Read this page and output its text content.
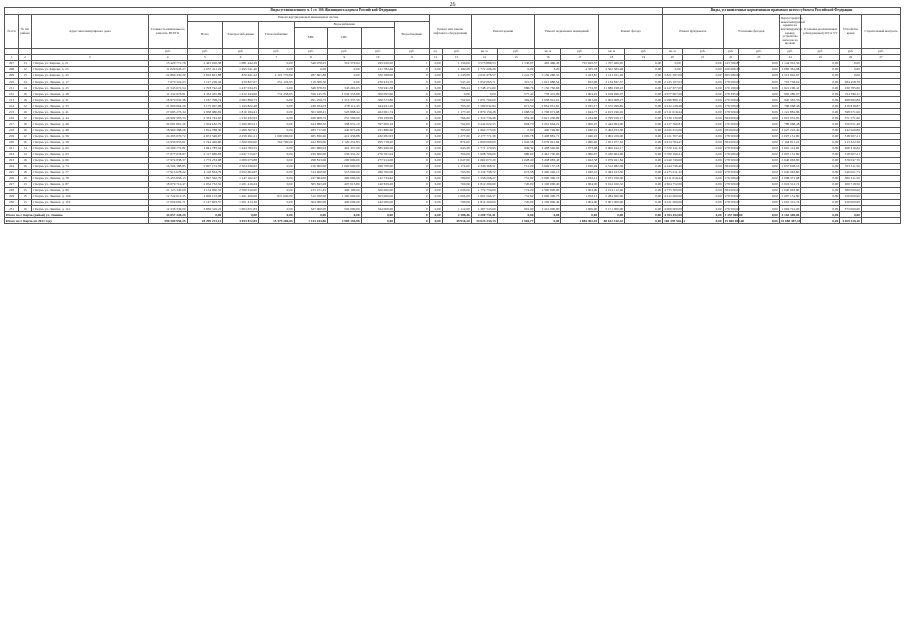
26
Виды установленного ч. 1 ст. 166 Жилищного кодекса Российской Федерации																			Виды, установленные нормативным правовым актом субъекта Российской Федерации							
№ п/п	№ п/п района	Адрес многоквартирного дома	Стоимость капитального ремонта, ВСЕГО	Ремонт внутридомовых инженерных систем							Ремонт или замена лифтового оборудования		Ремонт крыши		Ремонт подвальных помещений		Ремонт фасада		Ремонт фундамента		Утепление фасадов		Переустройство невентилируемой крыши на вентилируемую крышу, устройство выходов на кровлю	Установка коллективных (общедомовых) ПУ и УУ	Устройство крыш	Строительный контроль
				Всего	Электроснаб-жение	Теплоснабжение	Водоснабжение			Водоотведение																
							ХВС	ГВС																		
			руб.	руб.	руб.	руб.	руб.	руб.	руб.	руб.	ед.	руб.	кв. м	руб.	кв. м	руб.	кв. м	руб.	кв. м	руб.	руб.	руб.	руб.	руб.	руб.	руб.
1	2	3	4	5	6	7	8	9	10	11	12	13	14	15	16	17	18	19	20	21	22	23	24	25	26	27
207	13	г Керчь ул. Кирова, д. 21	15 429 771,78	2 445 020,38	1 081 442,29	0,00	348 978,25	319 579,64	295 020,20	1	0,00	1 150,00	3 573 889,53	1 130,07	465 466,43	725 045,37	1 707 460,95	0,00	0,00	0,00	143 760,87	0,00	1 144 301,56	0,00	0,00	
208	12	г Керчь ул. Кирова, д. 23	11 029 943,27	2 057 411,24	1 495 541,40	0,00	0,00	0,00	151 782,46	0	0,00	1 182,08	1 772 206,29	0,00	3,20	4 355,78	4 502 383,48	0,00	0,00	0,00	100 606,33	0,00	1 085 361,98	0,00	0,00	
209	13	г Керчь ул. Кирова, д. 43	22 866 330,20	3 816 601,88	876 641,22	2 101 770,80	287 601,86	0,00	550 588,00	0	0,00	1 243,00	2 632 478,57	1 241,79	5 130 266,31	2 423,81	1 121 911,26	0,00	3 821 397,00	0,00	285 580,98	0,00	2 513 902,97	0,00	0,00	
210	14	г Керчь ул. Ленина, д. 17	7 670 319,23	1 127 226,42	479 827,07	251 124,65	119 506,50	0,00	276 434,70	0	0,00	547,20	1 652 065,71	321,51	1 013 680,54	652,96	2 134 847,57	0,00	2 125 107,03	0,00	178 500,00	0,00	701 756,62	0,00	284 458,76	
211	14	г Керчь ул. Ленина, д. 25	21 543 672,54	2 793 742,43	1 437 034,35	0,00	349 678,55	345 291,65	376 941,58	0	0,00	766,24	1 748 172,60	986,76	7 156 750,66	1 774,70	11 086 198,23	0,00	4 147 677,00	0,00	179 100,00	0,00	1 021 190,41	0,00	230 785,60	
212	16	г Керчь ул. Ленина, д. 28	11 232 676,91	4 334 435,89	1 612 444,66	731 258,05	356 145,70	1 034 553,68	300 095,60	0	0,00	0,00	0,00	577,42	778 472,09	1 004,22	3 108 496,07	0,00	4 077 607,26	0,00	178 395,00	0,00	695 280,07	0,00	724 786,11	
213	16	г Керчь ул. Ленина, д. 31	18 970 932,38	1 167 798,74	2 063 890,73	0,00	291 256,73	1 313 337,50	500 573,80	0	0,00	762,00	1 651 704,00	384,00	2 058 041,01	2 061,40	2 004 008,27	0,00	4 296 880,15	0,00	176 500,00	0,00	920 381,36	0,00	498 682,89	
214	12	г Керчь ул. Ленина, д. 33	21 900 904,29	3 175 007,06	1 163 822,48	0,00	249 034,03	278 111,45	344 931,26	0	0,00	763,20	1 560 032,84	671,50	2 854 051,81	2 035,17	2 572 299,84	0,00	4 222 128,48	0,00	176 500,00	0,00	786 068,48	0,00	410 818,87	
215	16	г Керчь ул. Ленина, д. 41	27 693 275,34	4 958 480,82	1 810 184,41	0,00	301 928,41	523 868,44	402 001,74	0	0,00	1 177,20	1 879 150,28	1 068,50	2 700 071,98	1 044,77	4 013 196,45	0,00	4 511 619,44	0,00	178 500,00	0,00	1 121 881,86	0,00	398 571,06	
216	12	г Керчь ул. Ленина, д. 44	24 992 503,53	2 334 743,65	1 232 632,63	0,00	440 608,75	251 500,00	259 199,09	0	0,00	764,60	1 314 736,46	954,40	3 621 236,69	2 234,66	3 799 916,17	0,00	5 239 130,69	0,00	584 000,00	0,00	1 021 031,95	0,00	371 571,60	
217	16	г Керчь ул. Ленина, д. 46	20 081 801,20	1 504 182,79	1 290 663,21	0,00	424 988,30	398 631,10	397 000,18	0	0,00	762,00	2 244 022,55	804,70	3 201 664,22	1 060,07	2 444 004,00	0,00	4 127 590,81	0,00	176 500,00	0,00	786 068,48	0,00	350 051,48	
218	16	г Керчь ул. Ленина, д. 48	18 960 388,26	1 814 788,39	1 099 367,61	0,00	283 717,00	440 973,08	251 880,60	0	0,00	763,00	1 664 773,00	0,00	200 749,80	1 040,10	2 464 223,30	0,00	4 025 615,00	0,00	584 000,00	0,00	1 027 222,40	0,00	242 560,86	
219	12	г Керчь ул. Ленина, д. 56	24 295 070,72	4 953 546,07	2 256 491,21	1 000 000,00	465 830,40	412 436,88	432 082,93	0	0,00	1 277,00	2 177 771,30	1 005,78	3 408 881,71	1 040,10	3 004 109,00	0,00	4 121 707,40	0,00	178 500,00	0,00	1 007 151,80	0,00	318 567,21	
220	16	г Керчь ул. Ленина, д. 59	14 930 955,61	5 744 448,80	1 300 000,00	762 700,00	422 859,00	2 120 231,83	295 718,20	0	0,00	874,00	1 800 000,00	1 042,58	3 079 921,84	1 060,40	1 051 077,16	0,00	4 914 784,47	0,00	584 000,00	0,00	1 164 811,21	0,00	213 322,30	
221	14	г Керчь ул. Ленина, д. 62	19 299 772,81	3 841 783,04	1 444 783,55	0,00	261 680,94	401 337,00	385 290,20	0	0,00	943,26	1 771 170,95	949,34	2 408 540,82	1 073,68	3 000 222,17	0,00	7 570 141,32	0,00	178 500,00	0,00	1 061 112,82	0,00	408 310,64	
222	14	г Керчь ул. Ленина, д. 63	17 677 078,87	2 117 669,83	1 047 713,07	0,00	250 600,00	536 331,22	270 761,04	0	0,00	764,00	1 608 709,00	680,00	2 461 750,96	1 060,07	2 430 604,00	0,00	3 700 190,41	0,00	178 500,00	0,00	1 007 151,80	0,00	318 567,21	
223	16	г Керчь ул. Ленина, д. 66	17 974 838,37	1 774 233,98	1 009 073,88	0,00	298 813,00	200 000,00	277 914,00	0	0,00	1 047,00	1 602 077,20	1 028,40	3 208 083,40	1 042,58	3 079 921,84	0,00	4 240 749,00	0,00	178 500,00	0,00	1 040 063,80	0,00	379 047,76	
224	16	г Керчь ул. Ленина, д. 74	16 504 188,85	5 007 174,59	2 504 630,62	0,00	210 000,00	1 000 000,00	266 700,00	0	0,00	1 174,00	2 346 368,51	712,90	3 049 137,18	1 030,49	2 512 082,06	0,00	4 244 746,40	0,00	584 000,00	0,00	1 057 048,16	0,00	353 311,50	
225	16	г Керчь ул. Ленина, д. 77	17 913 078,24	4 110 834,79	2 052 604,87	0,00	314 400,00	513 000,00	280 700,00	0	0,00	763,00	2 132 738,72	673,58	2 400 240,15	1 040,10	2 464 223,30	0,00	4 275 011,22	0,00	178 500,00	0,00	1 040 063,80	0,00	340 001,75	
226	16	г Керчь ул. Ленина, д. 78	15 455 856,13	1 997 562,79	1 147 162,47	0,00	227 664,00	400 000,00	212 734,62	0	0,00	789,00	1 558 208,27	731,82	2 000 300,73	1 052,11	3 073 106,00	0,00	4 511 619,44	0,00	176 500,00	0,00	1 008 371,08	0,00	360 311,50	
227	13	г Керчь ул. Ленина, д. 87	18 079 712,47	2 054 732,52	1 201 416,24	0,00	305 843,28	407 013,80	140 659,20	0	0,00	760,00	1 812 200,00	720,00	2 100 000,40	1 004,00	3 014 100,32	0,00	4 604 752,00	0,00	178 500,00	0,00	1 016 312,74	0,00	200 718,50	
228	15	г Керчь ул. Ленина, д. 89	21 123 340,09	3 154 000,35	2 500 610,00	0,00	215 471,45	400 100,00	300 000,00	0	0,00	1 020,00	1 774 750,00	774,00	2 500 600,00	1 004,00	3 014 112,00	0,00	4 775 500,00	0,00	584 000,00	0,00	1 040 063,80	0,00	380 000,00	
229	15	г Керчь ул. Ленина, д. 106	12 724 612,53	4 606 153,08	1 461 400,00	821 640,00	512 030,00	1 300 000,00	503 000,00	0	0,00	1 064,00	1 601 504,57	731,82	2 000 300,73	1 052,11	2 284 300,00	0,00	4 012 000,00	0,00	178 500,00	0,00	1 007 151,80	0,00	350 000,00	
230	15	г Керчь ул. Ленина, д. 110	17 000 002,71	2 147 603,57	1 201 413,36	0,00	304 000,00	400 000,00	242 000,00	0	0,00	760,00	1 812 200,00	720,00	2 100 000,40	1 004,00	3 001 000,00	0,00	4 221 000,00	0,00	178 500,00	0,00	1 016 312,74	0,00	220 000,00	
231	16	г Керчь ул. Ленина, д. 112	12 236 330,00	3 839 319,22	1 904 671,83	0,00	527 000,00	502 000,00	344 000,00	0	0,00	1 112,00	1 487 543,00	901,00	2 412 000,00	1 000,00	3 171 000,00	0,00	4 000 000,00	0,00	176 500,00	0,00	1 004 741,00	0,00	373 000,00	
Итого по г. Керчь (район) ул. Ленина			34 657 328,29	0,00	0,00	0,00	0,00	0,00	0,00	0	0,00	2 186,46	2 200 731,41	0,00	0,00	0,00	0,00	0,00	4 763 452,00	0,00	1 357 800,00	0,00	4 163 300,00	0,00	0,00	
Итого по г. Керчь по 2021 году			596 509 950,25	18 299 272,12	4 053 872,65	15 379 206,84	1 143 443,86	2 969 194,08	0,00	0	0,00	49 916,20	33 023 234,15	1 904,77	0,00	1 884 402,45	88 612 310,42	0,00	166 478 526,11	0,00	15 600 000,00	0,00	33 088 387,41	0,00	4 309 228,10	
